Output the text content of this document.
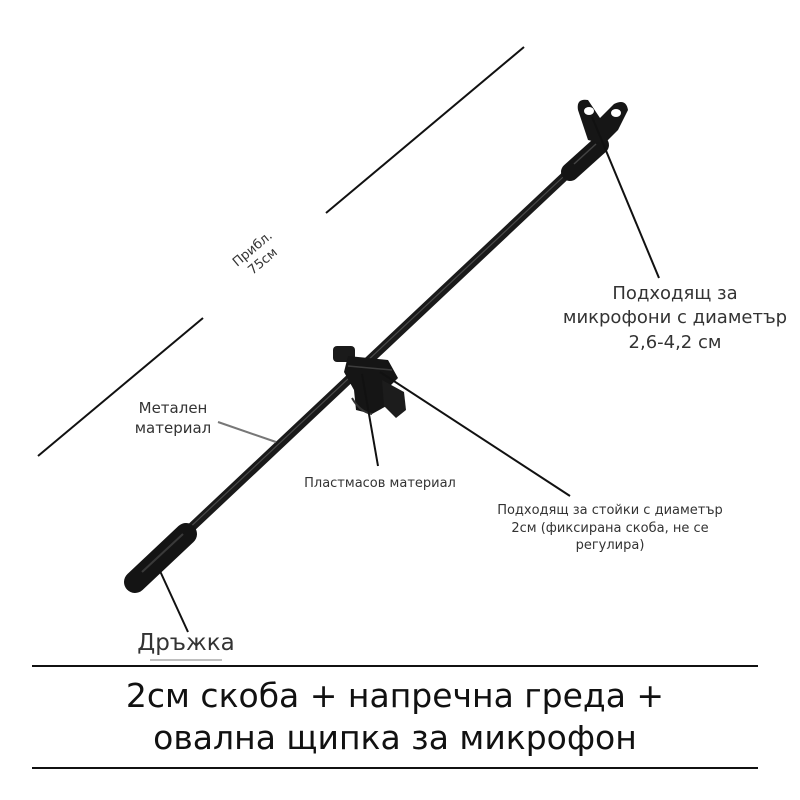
Прибл. 75см
Подходящ за микрофони с диаметър 2,6-4,2 см
Метален материал
Пластмасов материал
Подходящ за стойки с диаметър 2см (фиксирана скоба, не се регулира)
Дръжка
2см скоба + напречна греда +
овална щипка за микрофон
